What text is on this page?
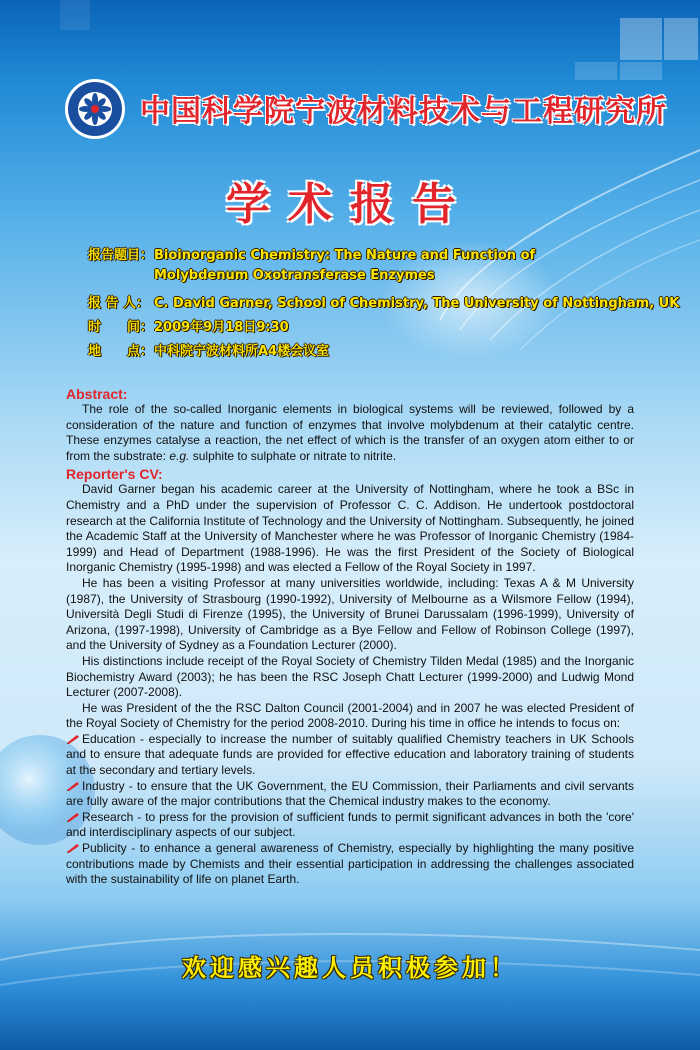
中国科学院宁波材料技术与工程研究所
学术报告
报告题目： Bioinorganic Chemistry: The Nature and Function of
Molybdenum Oxotransferase Enzymes
报 告 人： C. David Garner, School of Chemistry, The University of Nottingham, UK
时　　间： 2009年9月18日9:30
地　　点： 中科院宁波材料所A4楼会议室

Abstract:

The role of the so-called Inorganic elements in biological systems will be reviewed, followed by a consideration of the nature and function of enzymes that involve molybdenum at their catalytic centre. These enzymes catalyse a reaction, the net effect of which is the transfer of an oxygen atom either to or from the substrate: e.g. sulphite to sulphate or nitrate to nitrite.

Reporter's CV:

David Garner began his academic career at the University of Nottingham, where he took a BSc in Chemistry and a PhD under the supervision of Professor C. C. Addison. He undertook postdoctoral research at the California Institute of Technology and the University of Nottingham. Subsequently, he joined the Academic Staff at the University of Manchester where he was Professor of Inorganic Chemistry (1984-1999) and Head of Department (1988-1996). He was the first President of the Society of Biological Inorganic Chemistry (1995-1998) and was elected a Fellow of the Royal Society in 1997.

He has been a visiting Professor at many universities worldwide, including: Texas A & M University (1987), the University of Strasbourg (1990-1992), University of Melbourne as a Wilsmore Fellow (1994), Università Degli Studi di Firenze (1995), the University of Brunei Darussalam (1996-1999), University of Arizona, (1997-1998), University of Cambridge as a Bye Fellow and Fellow of Robinson College (1997), and the University of Sydney as a Foundation Lecturer (2000).

His distinctions include receipt of the Royal Society of Chemistry Tilden Medal (1985) and the Inorganic Biochemistry Award (2003); he has been the RSC Joseph Chatt Lecturer (1999-2000) and Ludwig Mond Lecturer (2007-2008).

He was President of the the RSC Dalton Council (2001-2004) and in 2007 he was elected President of the Royal Society of Chemistry for the period 2008-2010. During his time in office he intends to focus on:

Education - especially to increase the number of suitably qualified Chemistry teachers in UK Schools and to ensure that adequate funds are provided for effective education and laboratory training of students at the secondary and tertiary levels.

Industry - to ensure that the UK Government, the EU Commission, their Parliaments and civil servants are fully aware of the major contributions that the Chemical industry makes to the economy.

Research - to press for the provision of sufficient funds to permit significant advances in both the 'core' and interdisciplinary aspects of our subject.

Publicity - to enhance a general awareness of Chemistry, especially by highlighting the many positive contributions made by Chemists and their essential participation in addressing the challenges associated with the sustainability of life on planet Earth.

欢迎感兴趣人员积极参加！
